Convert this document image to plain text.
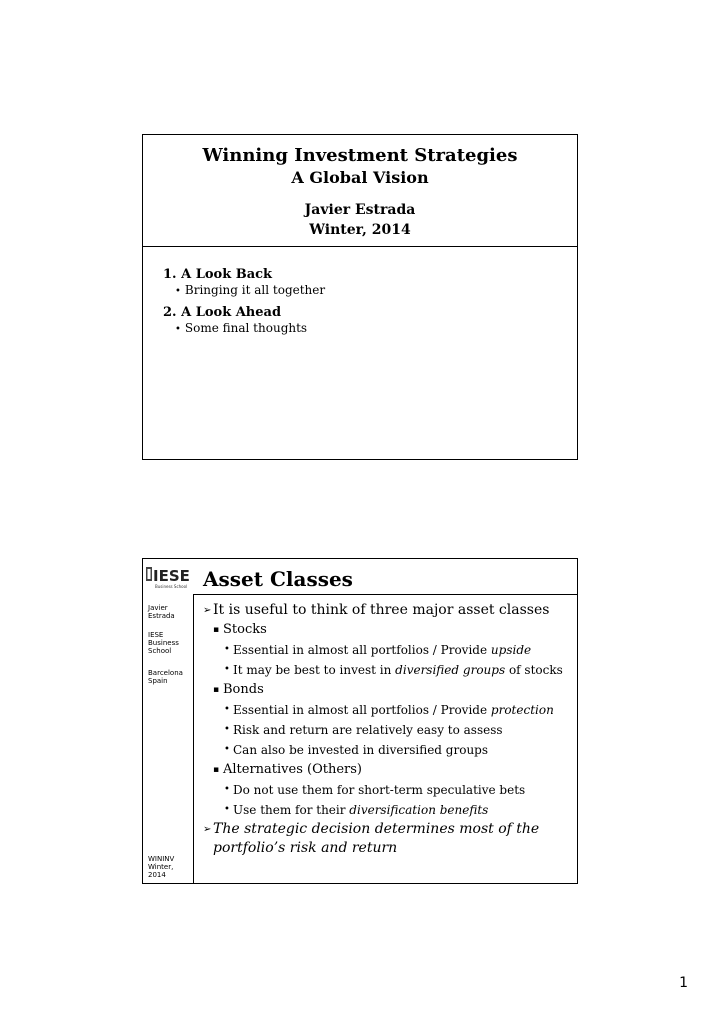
Winning Investment Strategies
A Global Vision
Javier Estrada
Winter, 2014
1. A Look Back
• Bringing it all together
2. A Look Ahead
• Some final thoughts
IESE
Business School Asset Classes
Javier Estrada
IESE Business School
Barcelona Spain
WININV Winter, 2014
➢ It is useful to think of three major asset classes
▪ Stocks
• Essential in almost all portfolios / Provide upside
• It may be best to invest in diversified groups of stocks
▪ Bonds
• Essential in almost all portfolios / Provide protection
• Risk and return are relatively easy to assess
• Can also be invested in diversified groups
▪ Alternatives (Others)
• Do not use them for short-term speculative bets
• Use them for their diversification benefits
➢ The strategic decision determines most of the
portfolio’s risk and return
1
